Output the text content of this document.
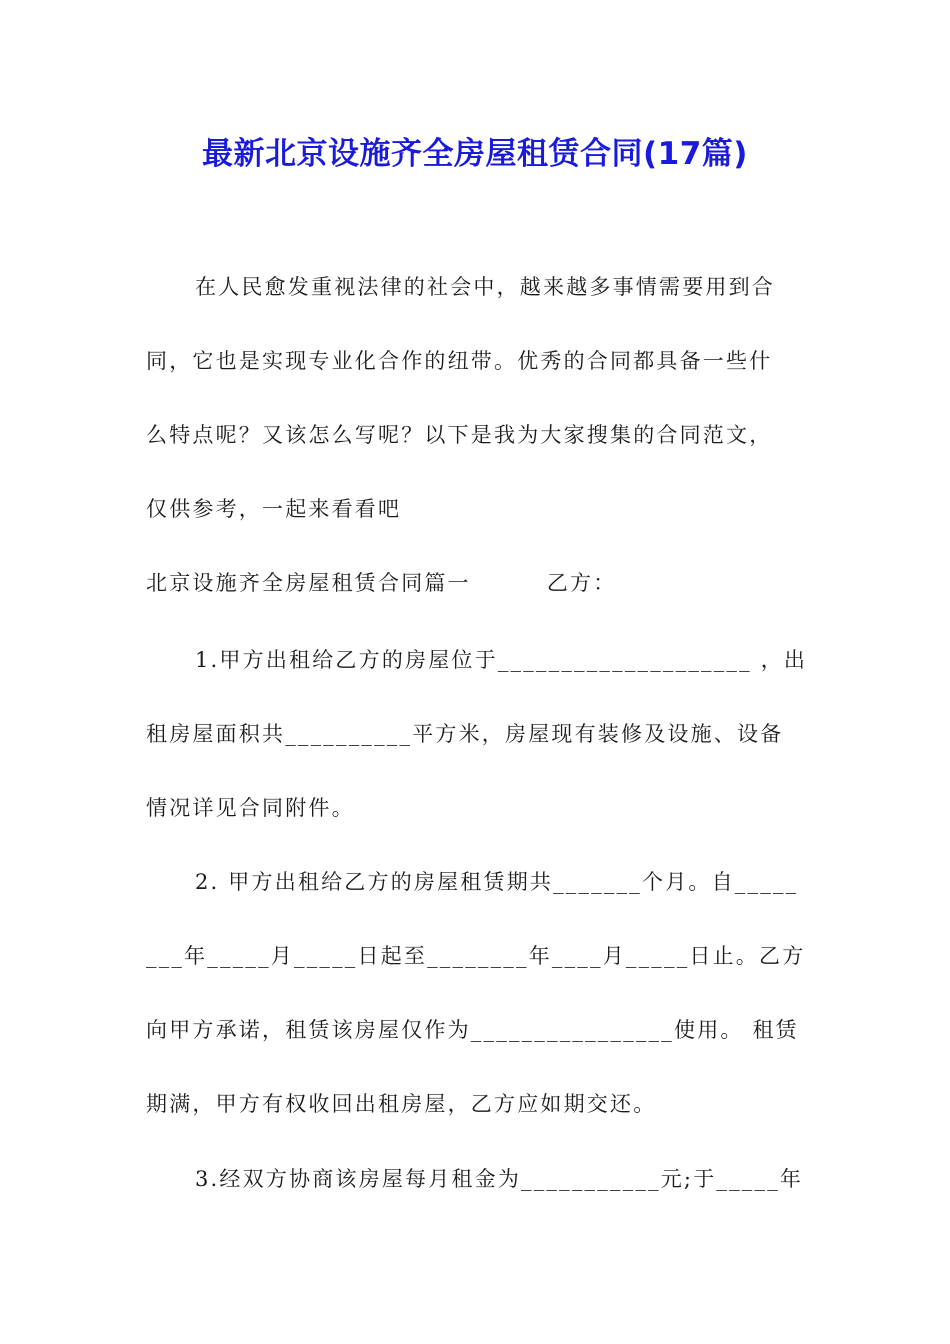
最新北京设施齐全房屋租赁合同(17篇)
在人民愈发重视法律的社会中，越来越多事情需要用到合
同，它也是实现专业化合作的纽带。优秀的合同都具备一些什
么特点呢？又该怎么写呢？以下是我为大家搜集的合同范文，
仅供参考，一起来看看吧
北京设施齐全房屋租赁合同篇一	乙方：
1.甲方出租给乙方的房屋位于____________________ ，出
租房屋面积共__________平方米，房屋现有装修及设施、设备
情况详见合同附件。
2. 甲方出租给乙方的房屋租赁期共_______个月。自_____
___年_____月_____日起至________年____月_____日止。乙方
向甲方承诺，租赁该房屋仅作为________________使用。 租赁
期满，甲方有权收回出租房屋，乙方应如期交还。
3.经双方协商该房屋每月租金为___________元;于_____年
